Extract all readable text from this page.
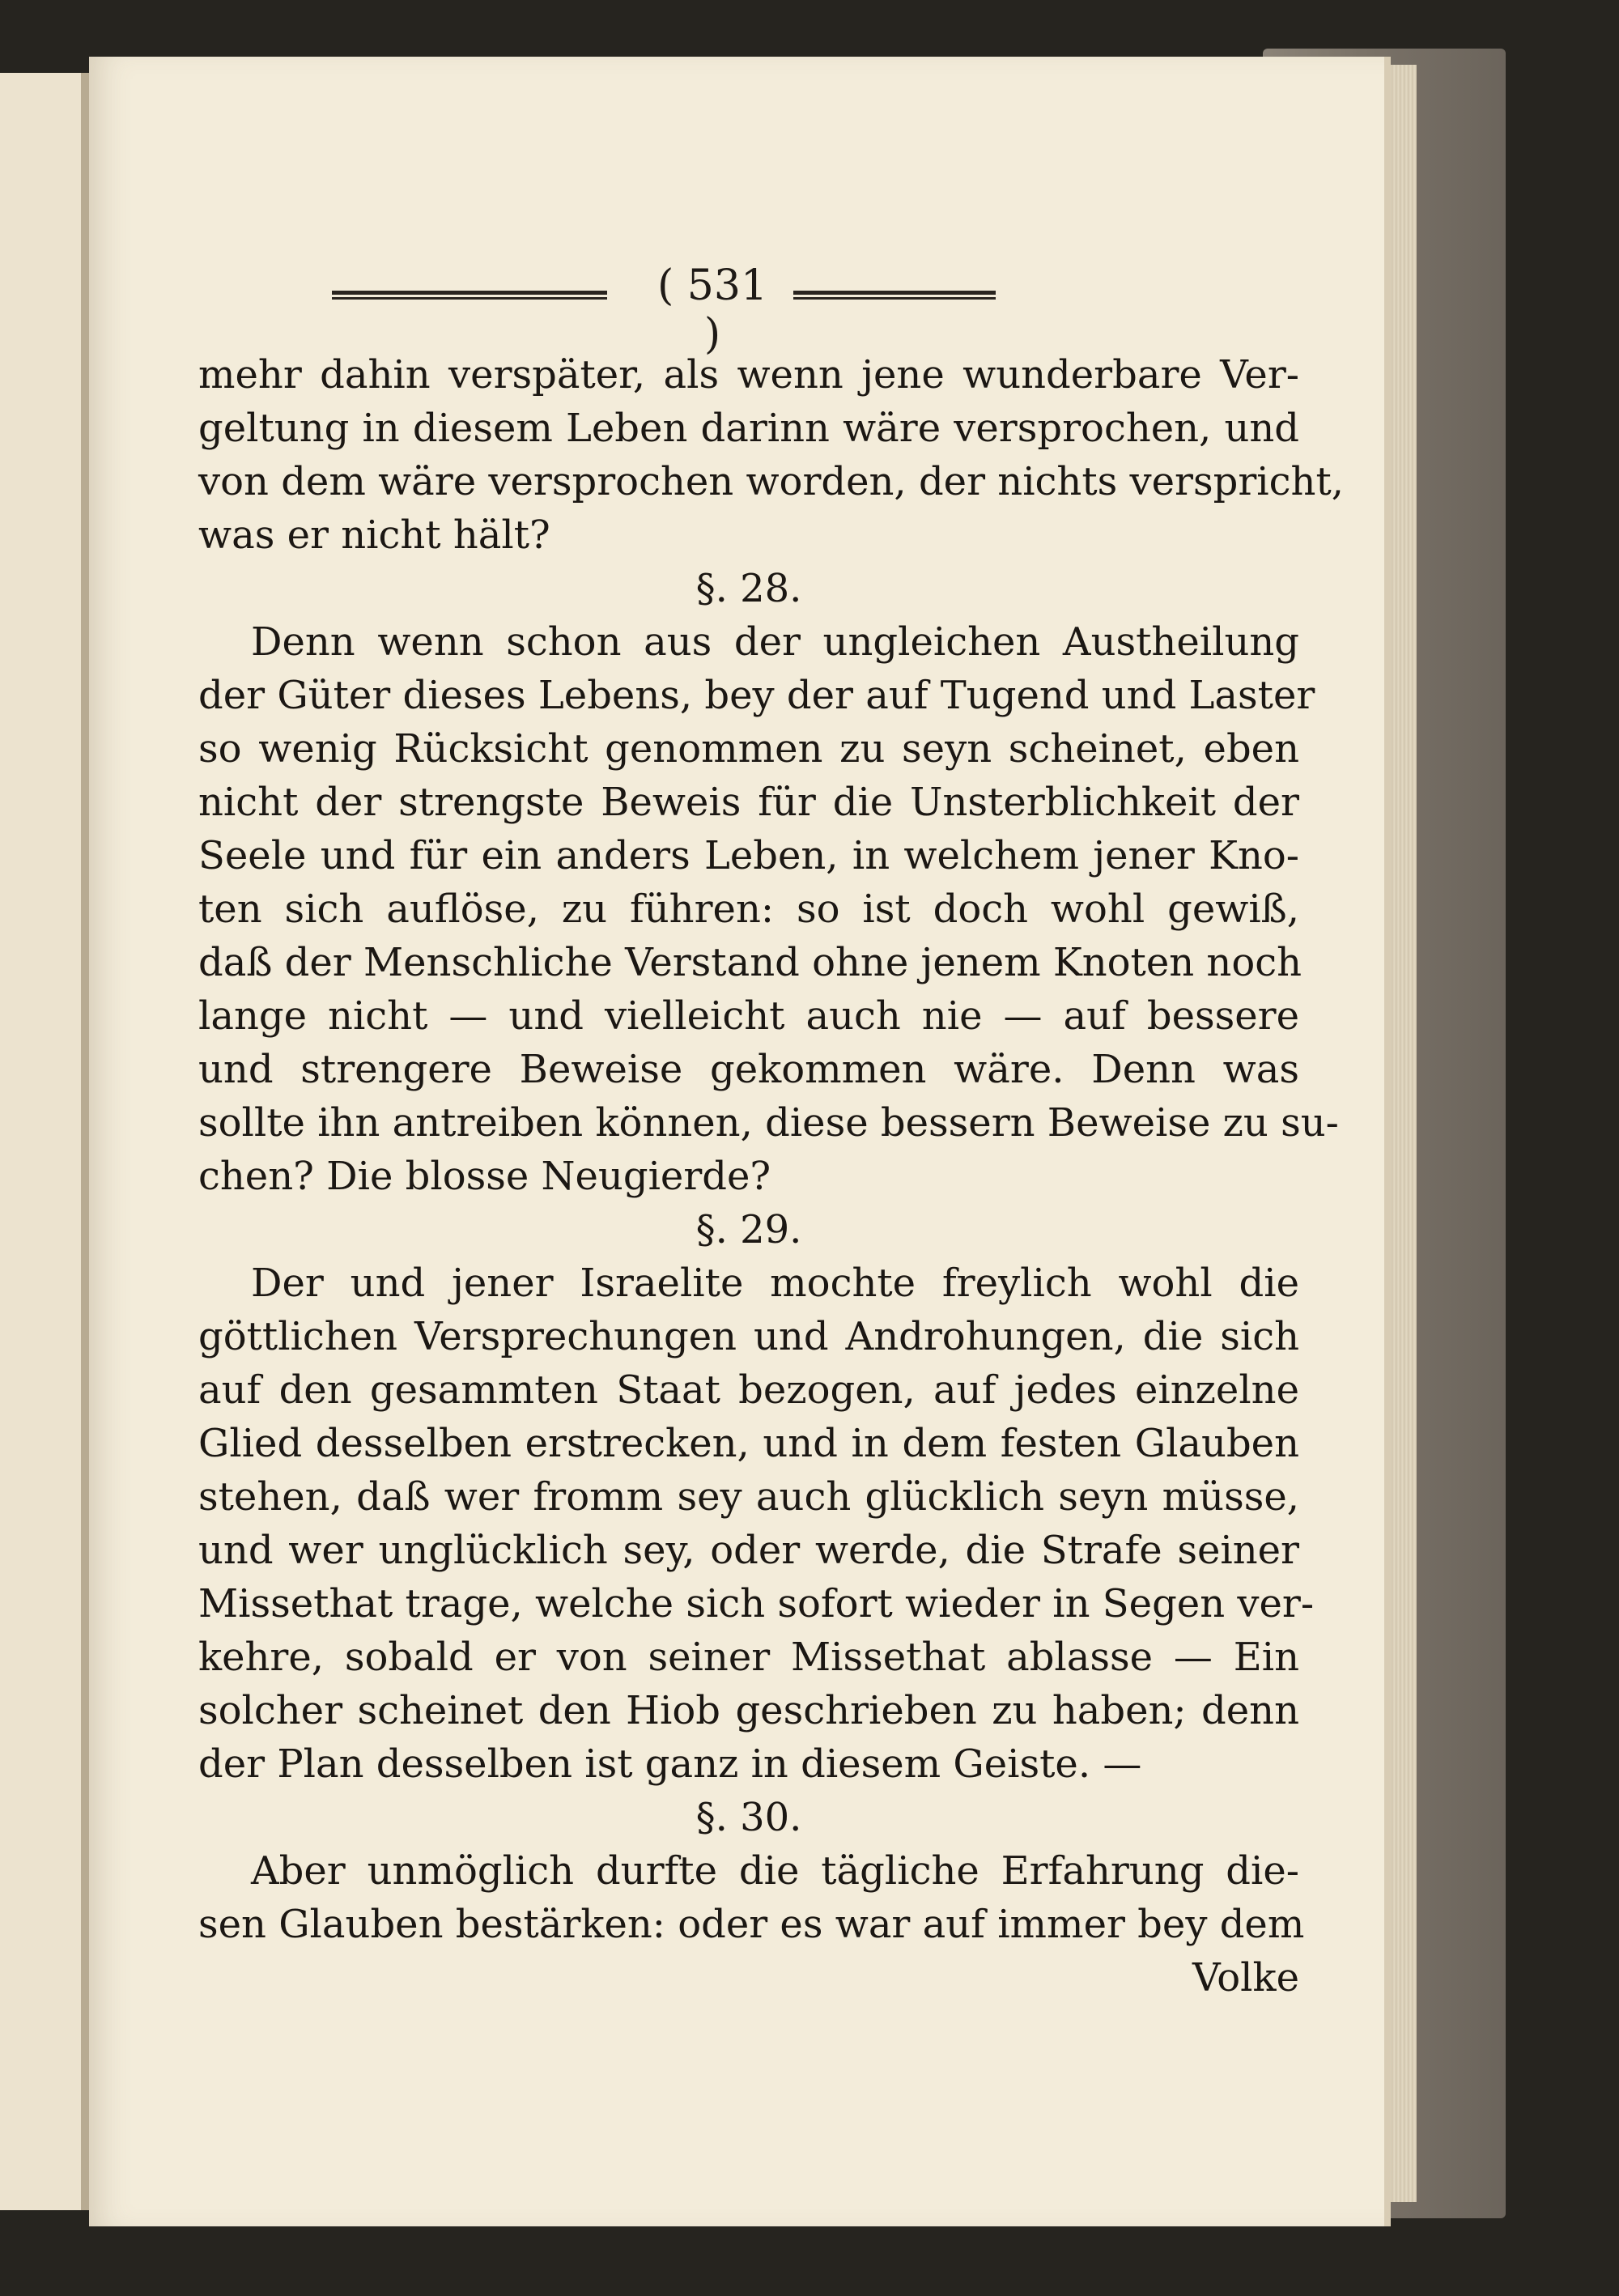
( 531 )
mehr dahin verspäter, als wenn jene wunderbare Ver-
geltung in diesem Leben darinn wäre versprochen, und
von dem wäre versprochen worden, der nichts verspricht,
was er nicht hält?
§. 28.
Denn wenn schon aus der ungleichen Austheilung
der Güter dieses Lebens, bey der auf Tugend und Laster
so wenig Rücksicht genommen zu seyn scheinet, eben
nicht der strengste Beweis für die Unsterblichkeit der
Seele und für ein anders Leben, in welchem jener Kno-
ten sich auflöse, zu führen: so ist doch wohl gewiß,
daß der Menschliche Verstand ohne jenem Knoten noch
lange nicht — und vielleicht auch nie — auf bessere
und strengere Beweise gekommen wäre. Denn was
sollte ihn antreiben können, diese bessern Beweise zu su-
chen? Die blosse Neugierde?
§. 29.
Der und jener Israelite mochte freylich wohl die
göttlichen Versprechungen und Androhungen, die sich
auf den gesammten Staat bezogen, auf jedes einzelne
Glied desselben erstrecken, und in dem festen Glauben
stehen, daß wer fromm sey auch glücklich seyn müsse,
und wer unglücklich sey, oder werde, die Strafe seiner
Missethat trage, welche sich sofort wieder in Segen ver-
kehre, sobald er von seiner Missethat ablasse — Ein
solcher scheinet den Hiob geschrieben zu haben; denn
der Plan desselben ist ganz in diesem Geiste. —
§. 30.
Aber unmöglich durfte die tägliche Erfahrung die-
sen Glauben bestärken: oder es war auf immer bey dem
Volke
